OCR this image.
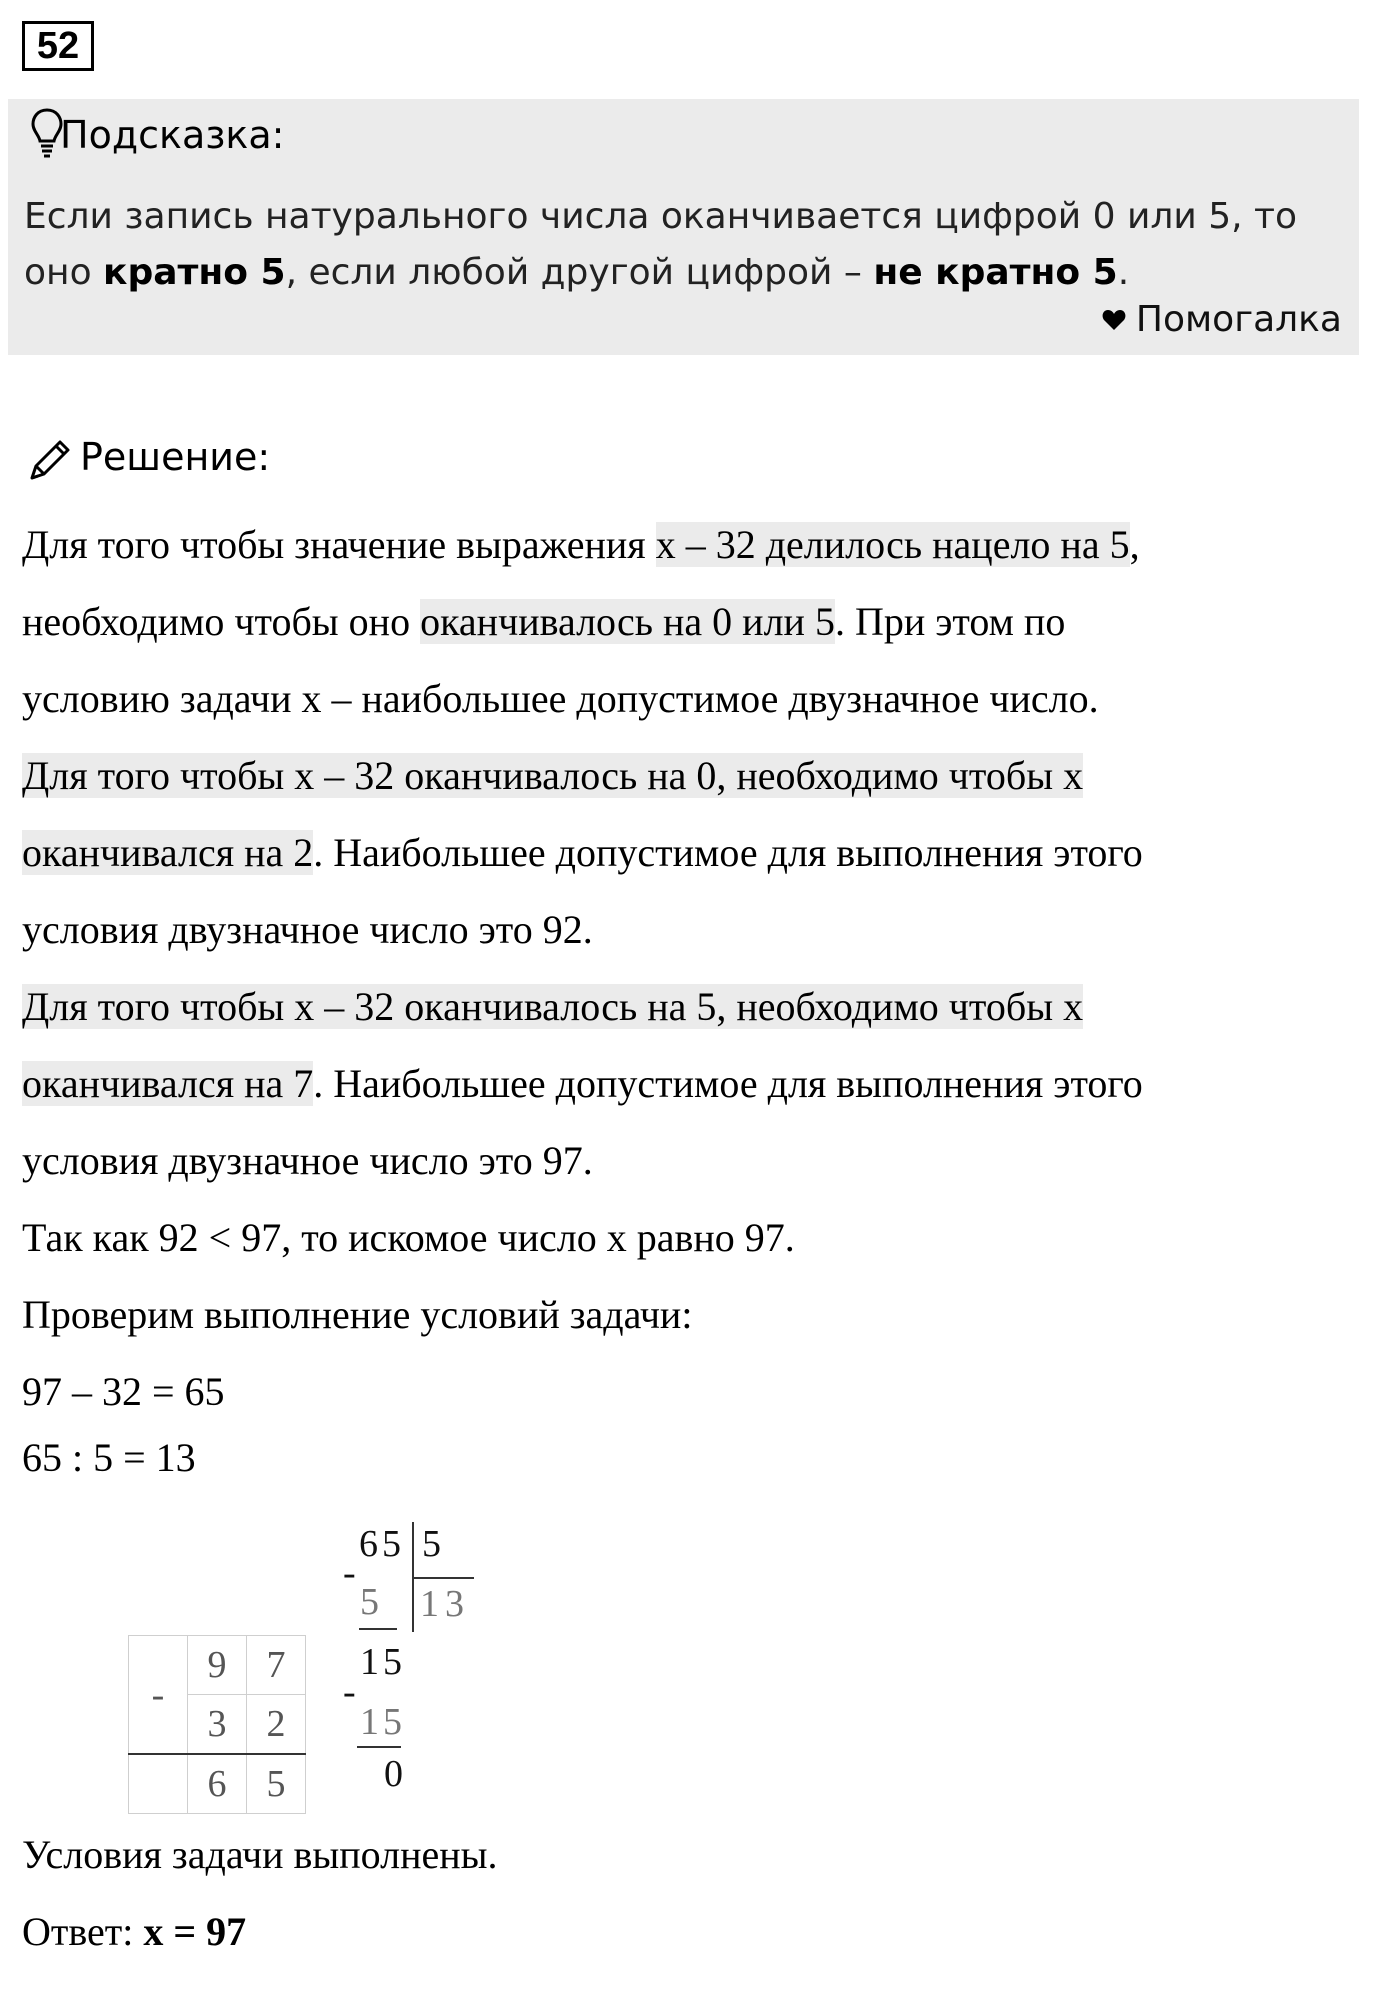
52
Подсказка:
Если запись натурального числа оканчивается цифрой 0 или 5, то
оно кратно 5, если любой другой цифрой – не кратно 5.
Помогалка
Решение:
Для того чтобы значение выражения x – 32 делилось нацело на 5,
необходимо чтобы оно оканчивалось на 0 или 5. При этом по
условию задачи x – наибольшее допустимое двузначное число.
Для того чтобы x – 32 оканчивалось на 0, необходимо чтобы x
оканчивался на 2. Наибольшее допустимое для выполнения этого
условия двузначное число это 92.
Для того чтобы x – 32 оканчивалось на 5, необходимо чтобы x
оканчивался на 7. Наибольшее допустимое для выполнения этого
условия двузначное число это 97.
Так как 92 < 97, то искомое число x равно 97.
Проверим выполнение условий задачи:
97 – 32 = 65
65 : 5 = 13
-	9	7
	3	2
	6	5
65 5
-
5 13
15
-
15
0
Условия задачи выполнены.
Ответ: x = 97
